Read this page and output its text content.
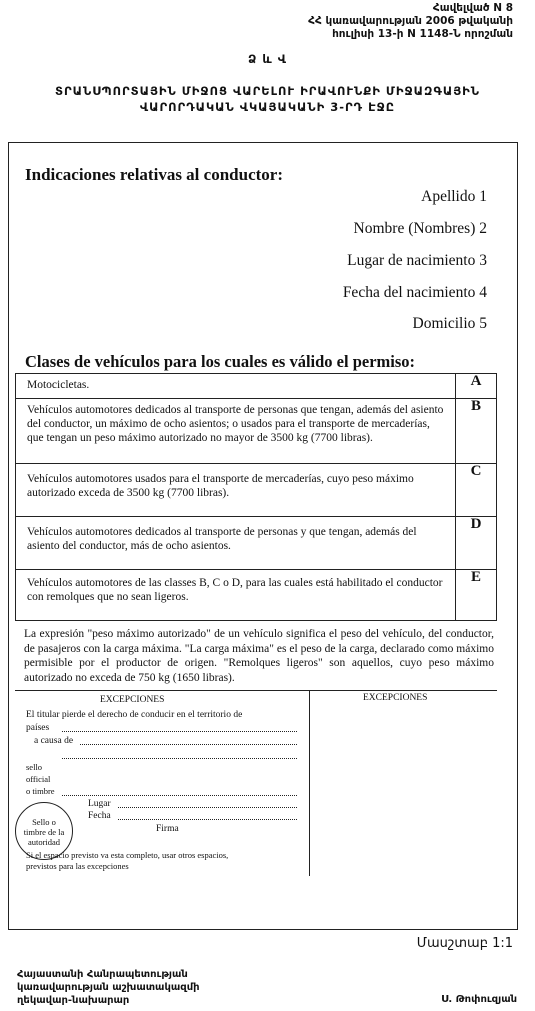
Հավելված N 8
ՀՀ կառավարության 2006 թվականի
հուլիսի 13-ի N 1148-Ն որոշման
Ձ և Վ
ՏՐԱՆՍՊՈՐՏԱՅԻՆ ՄԻՋՈՑ ՎԱՐԵԼՈՒ ԻՐԱՎՈՒՆՔԻ ՄԻՋԱԶԳԱՅԻՆ
ՎԱՐՈՐԴԱԿԱՆ ՎԿԱՅԱԿԱՆԻ 3-ՐԴ ԷՋԸ
Indicaciones relativas al conductor:
Apellido 1
Nombre (Nombres) 2
Lugar de nacimiento 3
Fecha del nacimiento 4
Domicilio 5
Clases de vehículos para los cuales es válido el permiso:
Motocicletas.	A
Vehículos automotores dedicados al transporte de personas que tengan, además del asiento del conductor, un máximo de ocho asientos; o usados para el transporte de mercaderías, que tengan un peso máximo autorizado no mayor de 3500 kg (7700 libras).	B
Vehículos automotores usados para el transporte de mercaderías, cuyo peso máximo autorizado exceda de 3500 kg (7700 libras).	C
Vehículos automotores dedicados al transporte de personas y que tengan, además del asiento del conductor, más de ocho asientos.	D
Vehículos automotores de las classes B, C o D, para las cuales está habilitado el conductor con remolques que no sean ligeros.	E
La expresión "peso máximo autorizado" de un vehículo significa el peso del vehículo, del conductor, de pasajeros con la carga máxima. "La carga máxima" es el peso de la carga, declarado como máximo permisible por el productor de origen. "Remolques ligeros" son aquellos, cuyo peso máximo autorizado no exceda de 750 kg (1650 libras).
EXCEPCIONES	EXCEPCIONES
El titular pierde el derecho de conducir en el territorio de
países
a causa de
sello
official
o timbre
Lugar
Fecha
Firma
Sello o
timbre de la
autoridad
Si el espacio previsto va esta completo, usar otros espacios,
previstos para las excepciones
Մասշտաբ 1:1
Հայաստանի Հանրապետության
կառավարության աշխատակազմի
ղեկավար-նախարար	Ս. Թոփուզյան
